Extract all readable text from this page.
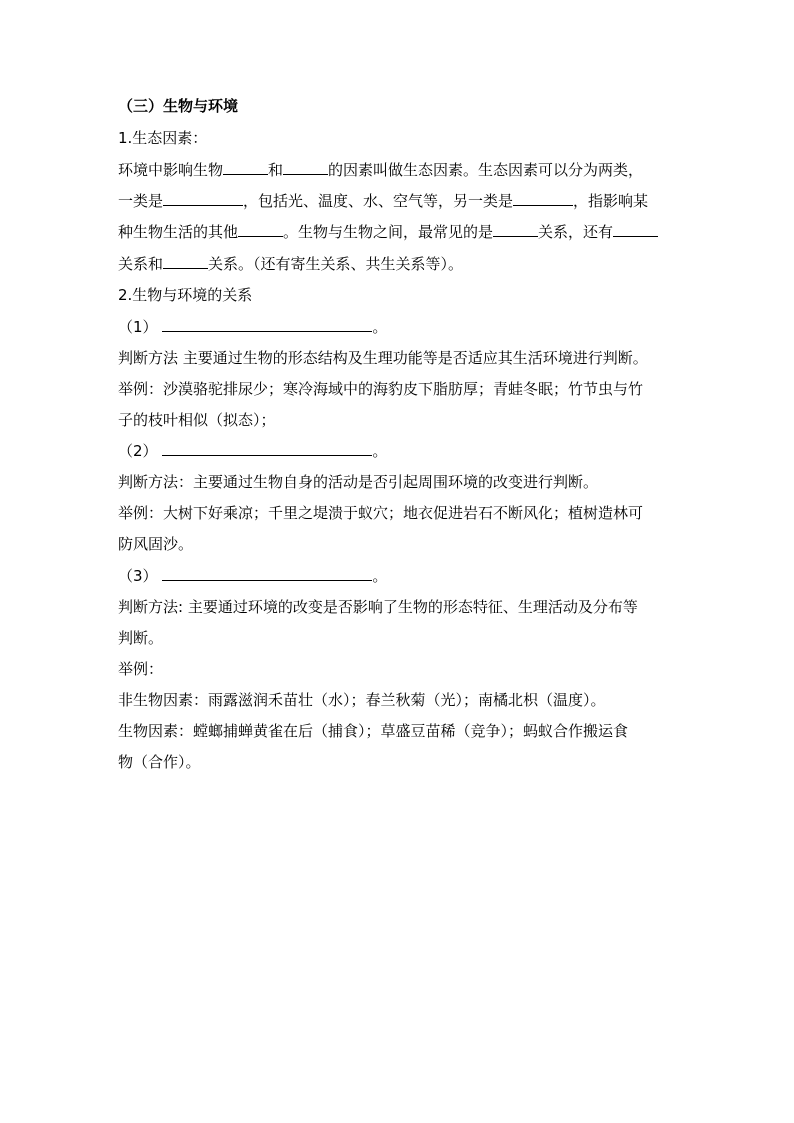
（三）生物与环境
1.生态因素：
环境中影响生物	和	的因素叫做生态因素。生态因素可以分为两类，
一类是	，包括光、温度、水、空气等，另一类是	，指影响某
种生物生活的其他	。生物与生物之间，最常见的是	关系，还有
关系和	关系。（还有寄生关系、共生关系等）。
2.生物与环境的关系
（1）	。
判断方法 主要通过生物的形态结构及生理功能等是否适应其生活环境进行判断。
举例：沙漠骆驼排尿少；寒冷海域中的海豹皮下脂肪厚；青蛙冬眠；竹节虫与竹
子的枝叶相似（拟态）；
（2）	。
判断方法：主要通过生物自身的活动是否引起周围环境的改变进行判断。
举例：大树下好乘凉；千里之堤溃于蚁穴；地衣促进岩石不断风化；植树造林可
防风固沙。
（3）	。
判断方法: 主要通过环境的改变是否影响了生物的形态特征、生理活动及分布等
判断。
举例：
非生物因素：雨露滋润禾苗壮（水）；春兰秋菊（光）；南橘北枳（温度）。
生物因素：螳螂捕蝉黄雀在后（捕食）；草盛豆苗稀（竞争）；蚂蚁合作搬运食
物（合作）。
